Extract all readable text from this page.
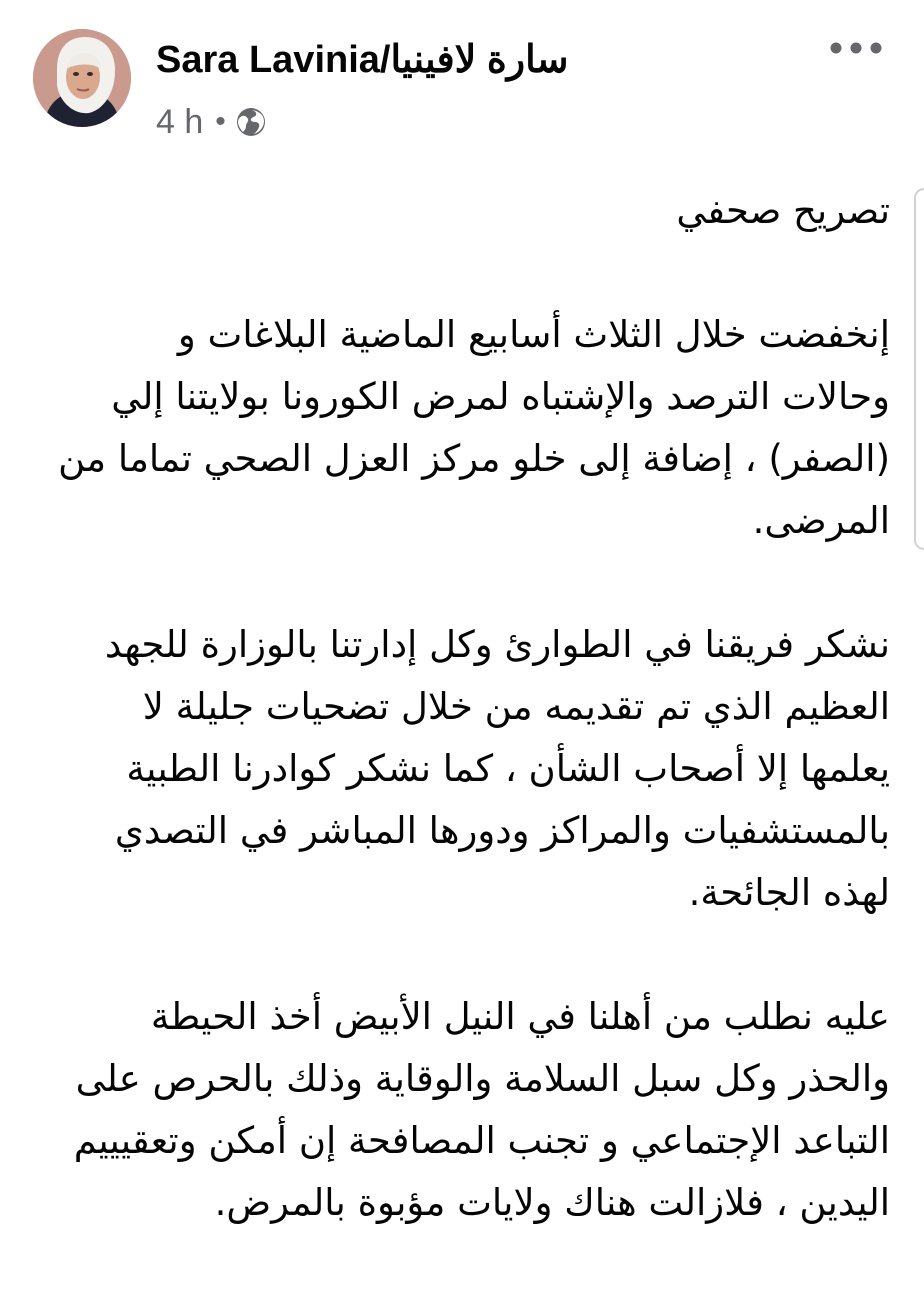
Sara Lavinia/سارة لافينيا
4 h •

تصريح صحفي

إنخفضت خلال الثلاث أسابيع الماضية البلاغات و
وحالات الترصد والإشتباه لمرض الكورونا بولايتنا إلي
(الصفر) ، إضافة إلى خلو مركز العزل الصحي تماما من
المرضى.

نشكر فريقنا في الطوارئ وكل إدارتنا بالوزارة للجهد
العظيم الذي تم تقديمه من خلال تضحيات جليلة لا
يعلمها إلا أصحاب الشأن ، كما نشكر كوادرنا الطبية
بالمستشفيات والمراكز ودورها المباشر في التصدي
لهذه الجائحة.

عليه نطلب من أهلنا في النيل الأبيض أخذ الحيطة
والحذر وكل سبل السلامة والوقاية وذلك بالحرص على
التباعد الإجتماعي و تجنب المصافحة إن أمكن وتعقيييم
اليدين ، فلازالت هناك ولايات مؤبوة بالمرض.
